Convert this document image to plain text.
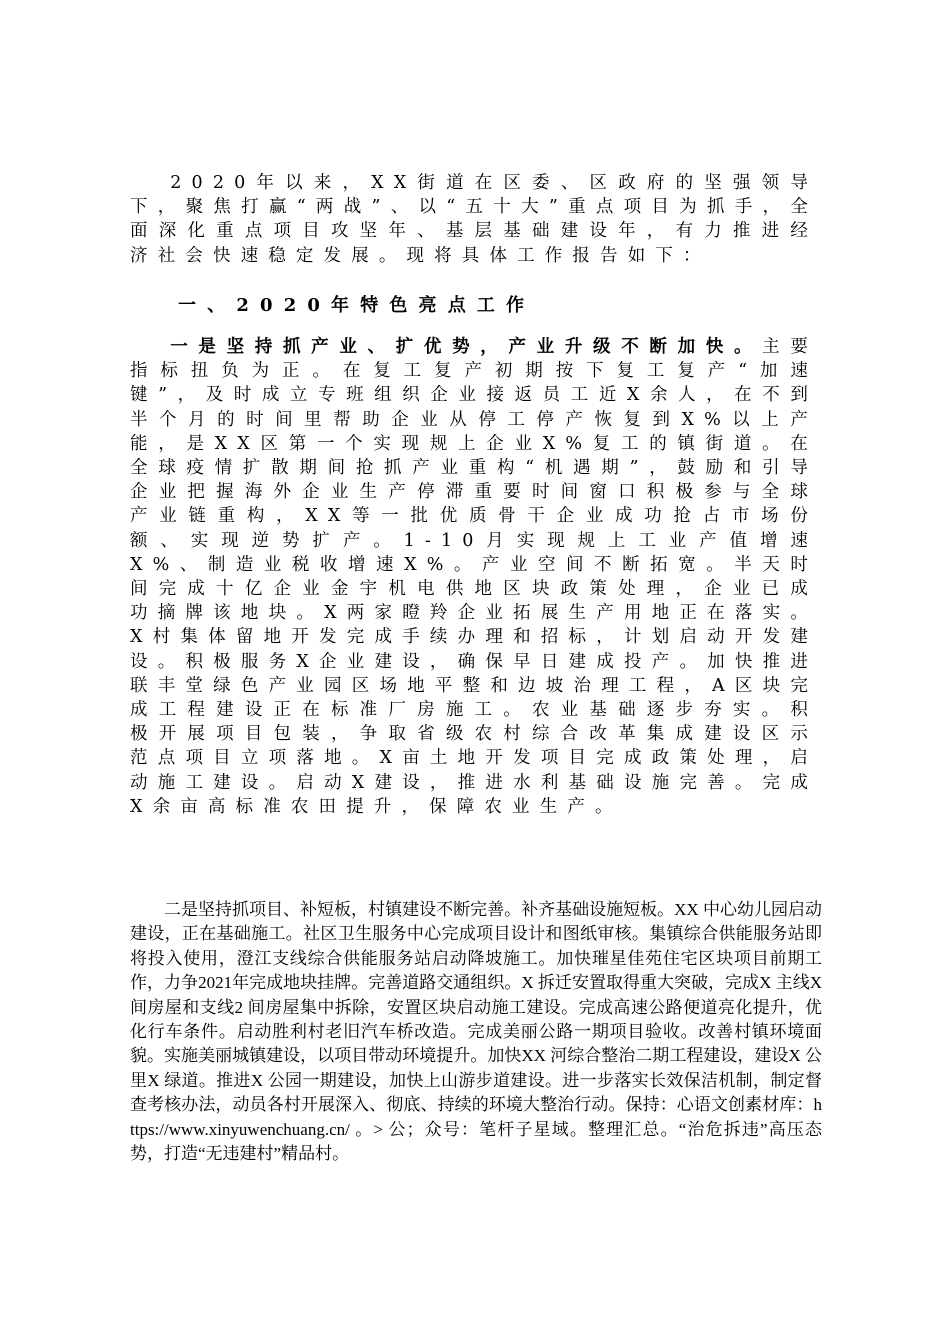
2020年以来，XX街道在区委、区政府的坚强领导下，聚焦打赢“两战”、以“五十大”重点项目为抓手，全面深化重点项目攻坚年、基层基础建设年，有力推进经济社会快速稳定发展。现将具体工作报告如下：

一、2020年特色亮点工作

一是坚持抓产业、扩优势，产业升级不断加快。主要指标扭负为正。在复工复产初期按下复工复产“加速键”，及时成立专班组织企业接返员工近X余人，在不到半个月的时间里帮助企业从停工停产恢复到X%以上产能，是XX区第一个实现规上企业X%复工的镇街道。在全球疫情扩散期间抢抓产业重构“机遇期”，鼓励和引导企业把握海外企业生产停滞重要时间窗口积极参与全球产业链重构，XX等一批优质骨干企业成功抢占市场份额、实现逆势扩产。1-10月实现规上工业产值增速X%、制造业税收增速X%。产业空间不断拓宽。半天时间完成十亿企业金宇机电供地区块政策处理，企业已成功摘牌该地块。X两家瞪羚企业拓展生产用地正在落实。X村集体留地开发完成手续办理和招标，计划启动开发建设。积极服务X企业建设，确保早日建成投产。加快推进联丰堂绿色产业园区场地平整和边坡治理工程，A区块完成工程建设正在标准厂房施工。农业基础逐步夯实。积极开展项目包装，争取省级农村综合改革集成建设区示范点项目立项落地。X亩土地开发项目完成政策处理，启动施工建设。启动X建设，推进水利基础设施完善。完成X余亩高标准农田提升，保障农业生产。

二是坚持抓项目、补短板，村镇建设不断完善。补齐基础设施短板。XX 中心幼儿园启动建设，正在基础施工。社区卫生服务中心完成项目设计和图纸审核。集镇综合供能服务站即将投入使用，澄江支线综合供能服务站启动降坡施工。加快璀星佳苑住宅区块项目前期工作，力争2021年完成地块挂牌。完善道路交通组织。X 拆迁安置取得重大突破，完成X 主线X 间房屋和支线2 间房屋集中拆除，安置区块启动施工建设。完成高速公路便道亮化提升，优化行车条件。启动胜利村老旧汽车桥改造。完成美丽公路一期项目验收。改善村镇环境面貌。实施美丽城镇建设，以项目带动环境提升。加快XX 河综合整治二期工程建设，建设X 公里X 绿道。推进X 公园一期建设，加快上山游步道建设。进一步落实长效保洁机制，制定督查考核办法，动员各村开展深入、彻底、持续的环境大整治行动。保持：心语文创素材库：https://www.xinyuwenchuang.cn/ 。> 公；众号：笔杆子星域。整理汇总。“治危拆违”高压态势，打造“无违建村”精品村。
